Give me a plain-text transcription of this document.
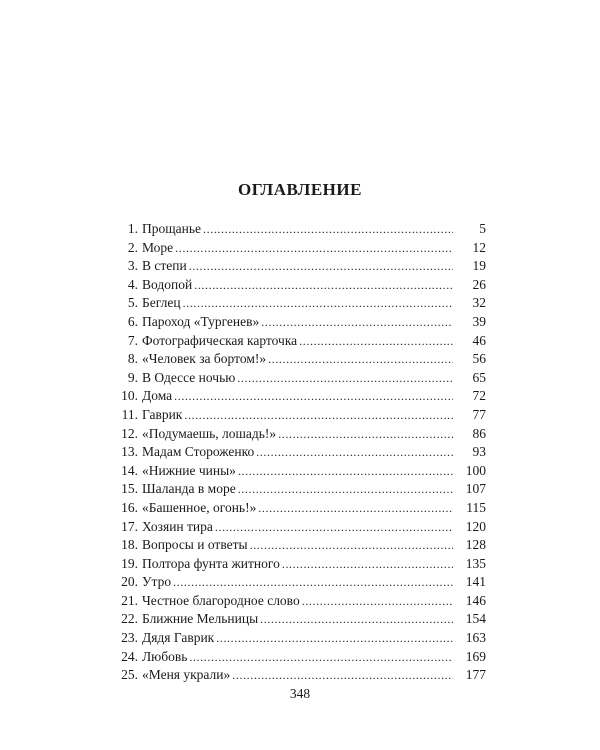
ОГЛАВЛЕНИЕ
1. Прощанье . . .	5
2. Море . . .	12
3. В степи . . .	19
4. Водопой . . .	26
5. Беглец . . .	32
6. Пароход «Тургенев» . . .	39
7. Фотографическая карточка . . .	46
8. «Человек за бортом!» . . .	56
9. В Одессе ночью . . .	65
10. Дома . . .	72
11. Гаврик . . .	77
12. «Подумаешь, лошадь!» . . .	86
13. Мадам Стороженко . . .	93
14. «Нижние чины» . . .	100
15. Шаланда в море . . .	107
16. «Башенное, огонь!» . . .	115
17. Хозяин тира . . .	120
18. Вопросы и ответы . . .	128
19. Полтора фунта житного . . .	135
20. Утро . . .	141
21. Честное благородное слово . . .	146
22. Ближние Мельницы . . .	154
23. Дядя Гаврик . . .	163
24. Любовь . . .	169
25. «Меня украли» . . .	177
348
